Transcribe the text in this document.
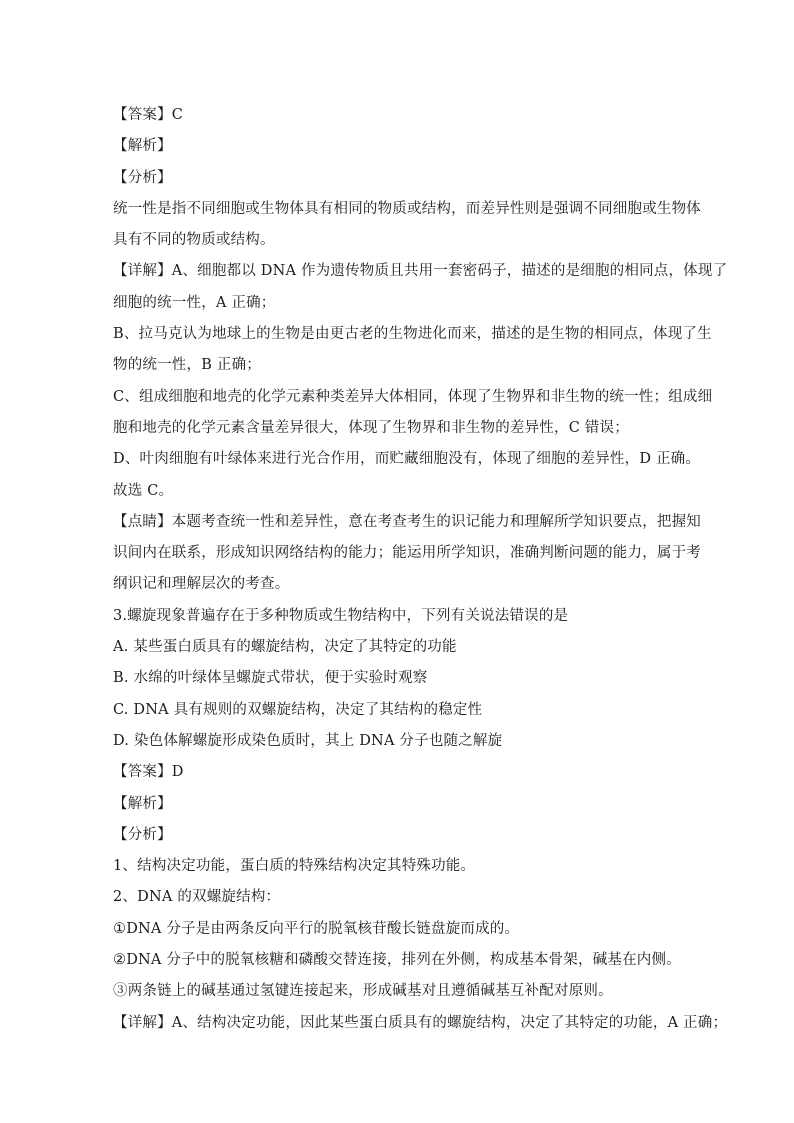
【答案】C
【解析】
【分析】
统一性是指不同细胞或生物体具有相同的物质或结构，而差异性则是强调不同细胞或生物体
具有不同的物质或结构。
【详解】A、细胞都以 DNA 作为遗传物质且共用一套密码子，描述的是细胞的相同点，体现了
细胞的统一性，A 正确；
B、拉马克认为地球上的生物是由更古老的生物进化而来，描述的是生物的相同点，体现了生
物的统一性，B 正确；
C、组成细胞和地壳的化学元素种类差异大体相同，体现了生物界和非生物的统一性；组成细
胞和地壳的化学元素含量差异很大，体现了生物界和非生物的差异性，C 错误；
D、叶肉细胞有叶绿体来进行光合作用，而贮藏细胞没有，体现了细胞的差异性，D 正确。
故选 C。
【点睛】本题考查统一性和差异性，意在考查考生的识记能力和理解所学知识要点，把握知
识间内在联系，形成知识网络结构的能力；能运用所学知识，准确判断问题的能力，属于考
纲识记和理解层次的考查。
3.螺旋现象普遍存在于多种物质或生物结构中，下列有关说法错误的是
A. 某些蛋白质具有的螺旋结构，决定了其特定的功能
B. 水绵的叶绿体呈螺旋式带状，便于实验时观察
C. DNA 具有规则的双螺旋结构，决定了其结构的稳定性
D. 染色体解螺旋形成染色质时，其上 DNA 分子也随之解旋
【答案】D
【解析】
【分析】
1、结构决定功能，蛋白质的特殊结构决定其特殊功能。
2、DNA 的双螺旋结构：
①DNA 分子是由两条反向平行的脱氧核苷酸长链盘旋而成的。
②DNA 分子中的脱氧核糖和磷酸交替连接，排列在外侧，构成基本骨架，碱基在内侧。
③两条链上的碱基通过氢键连接起来，形成碱基对且遵循碱基互补配对原则。
【详解】A、结构决定功能，因此某些蛋白质具有的螺旋结构，决定了其特定的功能，A 正确；
